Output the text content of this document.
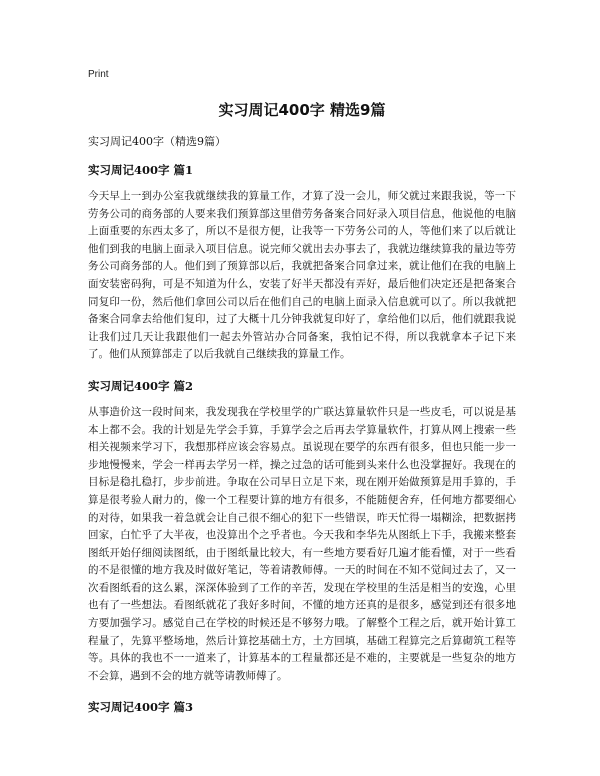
Print
实习周记400字 精选9篇
实习周记400字（精选9篇）
实习周记400字 篇1

今天早上一到办公室我就继续我的算量工作，才算了没一会儿，师父就过来跟我说，等一下劳务公司的商务部的人要来我们预算部这里借劳务备案合同好录入项目信息，他说他的电脑上面重要的东西太多了，所以不是很方便，让我等一下劳务公司的人，等他们来了以后就让他们到我的电脑上面录入项目信息。说完师父就出去办事去了，我就边继续算我的量边等劳务公司商务部的人。他们到了预算部以后，我就把备案合同拿过来，就让他们在我的电脑上面安装密码狗，可是不知道为什么，安装了好半天都没有弄好，最后他们决定还是把备案合同复印一份，然后他们拿回公司以后在他们自己的电脑上面录入信息就可以了。所以我就把备案合同拿去给他们复印，过了大概十几分钟我就复印好了，拿给他们以后，他们就跟我说让我们过几天让我跟他们一起去外管站办合同备案，我怕记不得，所以我就拿本子记下来了。他们从预算部走了以后我就自己继续我的算量工作。

实习周记400字 篇2

从事造价这一段时间来，我发现我在学校里学的广联达算量软件只是一些皮毛，可以说是基本上都不会。我的计划是先学会手算，手算学会之后再去学算量软件，打算从网上搜索一些相关视频来学习下，我想那样应该会容易点。虽说现在要学的东西有很多，但也只能一步一步地慢慢来，学会一样再去学另一样，操之过急的话可能到头来什么也没掌握好。我现在的目标是稳扎稳打，步步前进。争取在公司早日立足下来，现在刚开始做预算是用手算的，手算是很考验人耐力的，像一个工程要计算的地方有很多，不能随便舍弃，任何地方都要细心的对待，如果我一着急就会让自己很不细心的犯下一些错误，昨天忙得一塌糊涂，把数据拷回家，白忙乎了大半夜，也没算出个之乎者也。今天我和李华先从图纸上下手，我搬来整套图纸开始仔细阅读图纸，由于图纸量比较大，有一些地方要看好几遍才能看懂，对于一些看的不是很懂的地方我及时做好笔记，等着请教师傅。一天的时间在不知不觉间过去了，又一次看图纸看的这么累，深深体验到了工作的辛苦，发现在学校里的生活是相当的安逸，心里也有了一些想法。看图纸就花了我好多时间，不懂的地方还真的是很多，感觉到还有很多地方要加强学习。感觉自己在学校的时候还是不够努力哦。了解整个工程之后，就开始计算工程量了，先算平整场地，然后计算挖基础土方，土方回填，基础工程算完之后算砌筑工程等等。具体的我也不一一道来了，计算基本的工程量都还是不难的，主要就是一些复杂的地方不会算，遇到不会的地方就等请教师傅了。

实习周记400字 篇3
